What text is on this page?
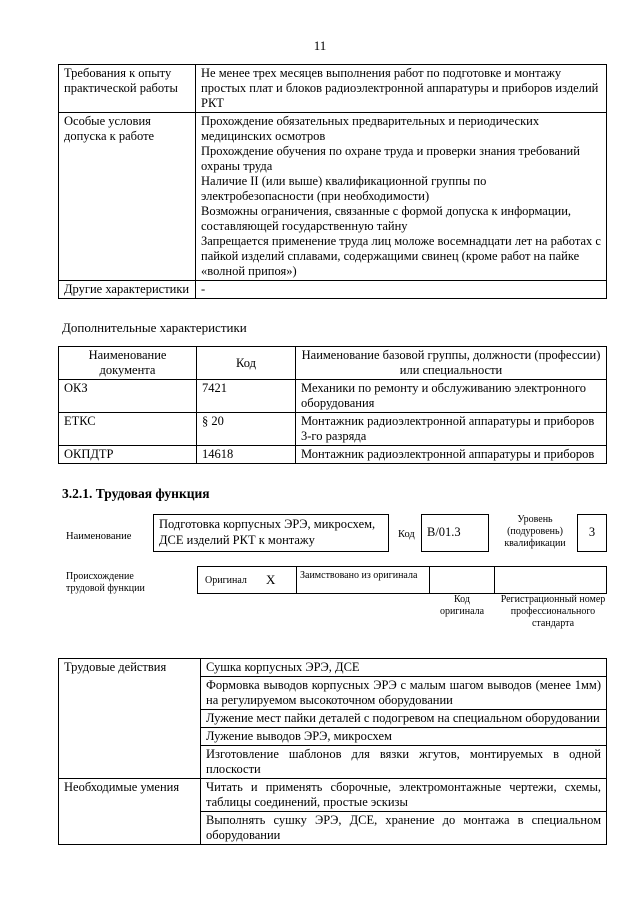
11
Требования к опыту практической работы	Не менее трех месяцев выполнения работ по подготовке и монтажу простых плат и блоков радиоэлектронной аппаратуры и приборов изделий РКТ

Особые условия допуска к работе	Прохождение обязательных предварительных и периодических медицинских осмотров
Прохождение обучения по охране труда и проверки знания требований охраны труда
Наличие II (или выше) квалификационной группы по электробезопасности (при необходимости)
Возможны ограничения, связанные с формой допуска к информации, составляющей государственную тайну
Запрещается применение труда лиц моложе восемнадцати лет на работах с пайкой изделий сплавами, содержащими свинец (кроме работ на пайке «волной припоя»)

Другие характеристики	-
Дополнительные характеристики
Наименование документа	Код	Наименование базовой группы, должности (профессии) или специальности
ОКЗ	7421	Механики по ремонту и обслуживанию электронного оборудования
ЕТКС	§ 20	Монтажник радиоэлектронной аппаратуры и приборов 3-го разряда
ОКПДТР	14618	Монтажник радиоэлектронной аппаратуры и приборов
3.2.1. Трудовая функция
Наименование
Подготовка корпусных ЭРЭ, микросхем, ДСЕ изделий РКТ к монтажу	Код B/01.3
Уровень (подуровень) квалификации
3
Происхождение трудовой функции
Оригинал X Заимствовано из оригинала
Код оригинала
Регистрационный номер профессионального стандарта
Трудовые действия	Сушка корпусных ЭРЭ, ДСЕ
	Формовка выводов корпусных ЭРЭ с малым шагом выводов (менее 1мм) на регулируемом высокоточном оборудовании
	Лужение мест пайки деталей с подогревом на специальном оборудовании
	Лужение выводов ЭРЭ, микросхем
	Изготовление шаблонов для вязки жгутов, монтируемых в одной плоскости
Необходимые умения	Читать и применять сборочные, электромонтажные чертежи, схемы, таблицы соединений, простые эскизы
	Выполнять сушку ЭРЭ, ДСЕ, хранение до монтажа в специальном оборудовании
